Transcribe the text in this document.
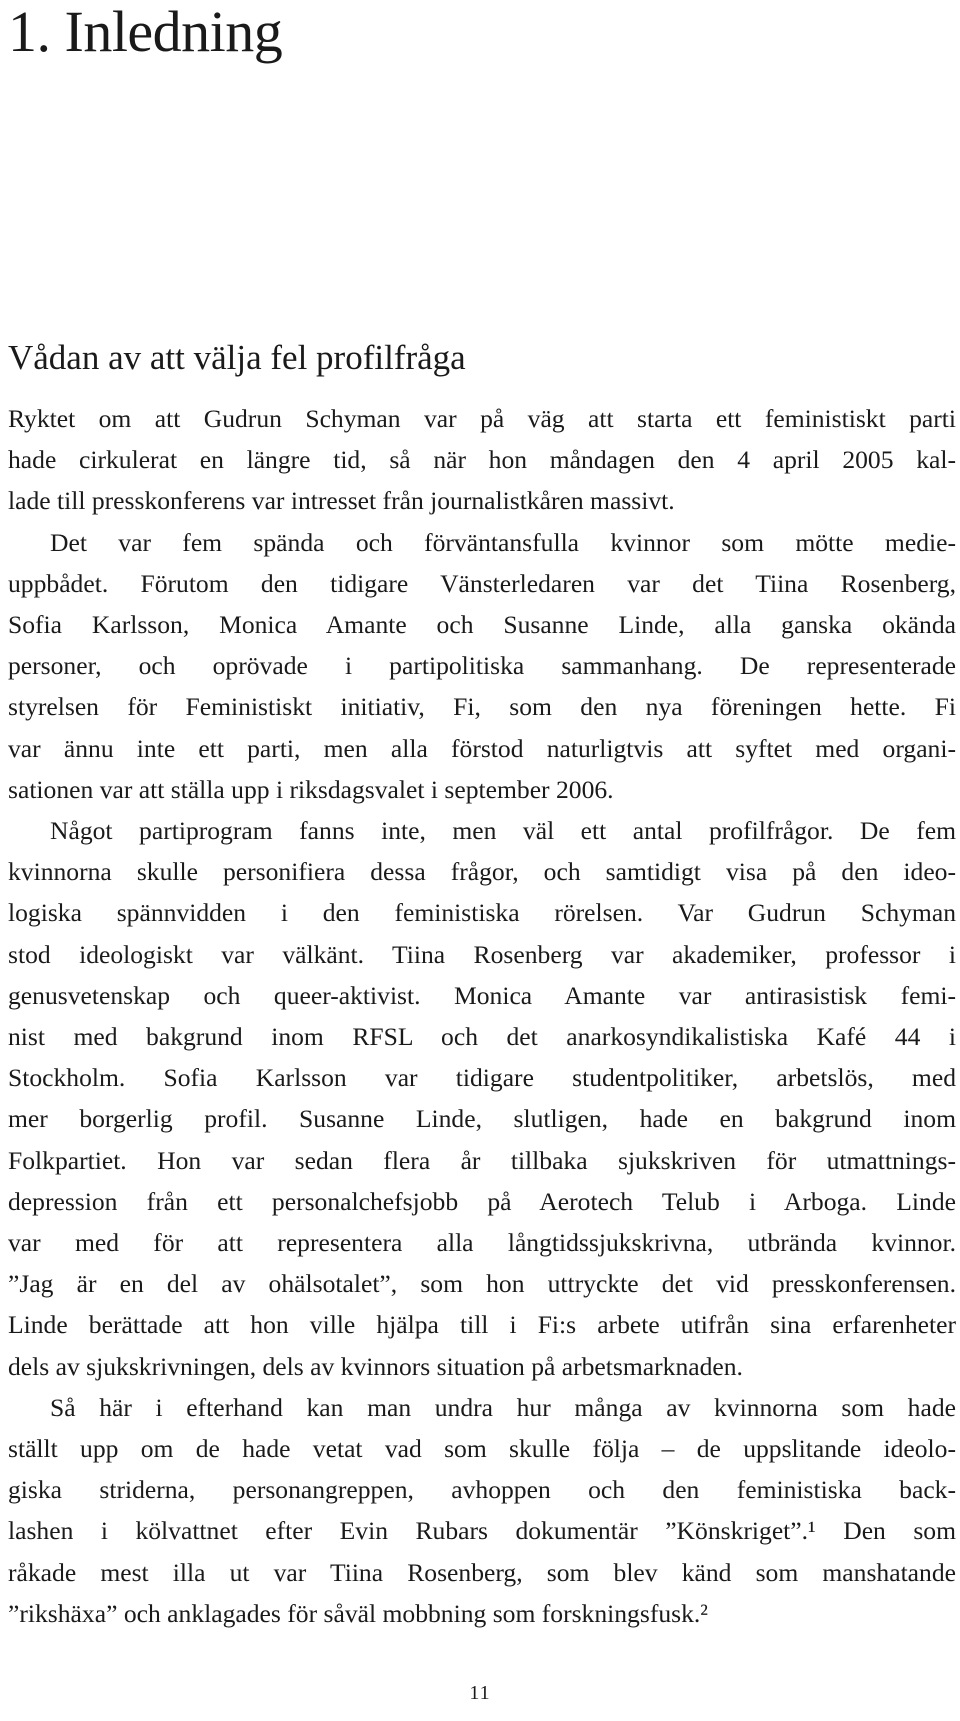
1. Inledning
Vådan av att välja fel profilfråga

Ryktet om att Gudrun Schyman var på väg att starta ett feministiskt parti
hade cirkulerat en längre tid, så när hon måndagen den 4 april 2005 kal-
lade till presskonferens var intresset från journalistkåren massivt.

Det var fem spända och förväntansfulla kvinnor som mötte medie-
uppbådet. Förutom den tidigare Vänsterledaren var det Tiina Rosenberg,
Sofia Karlsson, Monica Amante och Susanne Linde, alla ganska okända
personer, och oprövade i partipolitiska sammanhang. De representerade
styrelsen för Feministiskt initiativ, Fi, som den nya föreningen hette. Fi
var ännu inte ett parti, men alla förstod naturligtvis att syftet med organi-
sationen var att ställa upp i riksdagsvalet i september 2006.

Något partiprogram fanns inte, men väl ett antal profilfrågor. De fem
kvinnorna skulle personifiera dessa frågor, och samtidigt visa på den ideo-
logiska spännvidden i den feministiska rörelsen. Var Gudrun Schyman
stod ideologiskt var välkänt. Tiina Rosenberg var akademiker, professor i
genusvetenskap och queer-aktivist. Monica Amante var antirasistisk femi-
nist med bakgrund inom RFSL och det anarkosyndikalistiska Kafé 44 i
Stockholm. Sofia Karlsson var tidigare studentpolitiker, arbetslös, med
mer borgerlig profil. Susanne Linde, slutligen, hade en bakgrund inom
Folkpartiet. Hon var sedan flera år tillbaka sjukskriven för utmattnings-
depression från ett personalchefsjobb på Aerotech Telub i Arboga. Linde
var med för att representera alla långtidssjukskrivna, utbrända kvinnor.
”Jag är en del av ohälsotalet”, som hon uttryckte det vid presskonferensen.
Linde berättade att hon ville hjälpa till i Fi:s arbete utifrån sina erfarenheter
dels av sjukskrivningen, dels av kvinnors situation på arbetsmarknaden.

Så här i efterhand kan man undra hur många av kvinnorna som hade
ställt upp om de hade vetat vad som skulle följa – de uppslitande ideolo-
giska striderna, personangreppen, avhoppen och den feministiska back-
lashen i kölvattnet efter Evin Rubars dokumentär ”Könskriget”.¹ Den som
råkade mest illa ut var Tiina Rosenberg, som blev känd som manshatande
”rikshäxa” och anklagades för såväl mobbning som forskningsfusk.²

11
